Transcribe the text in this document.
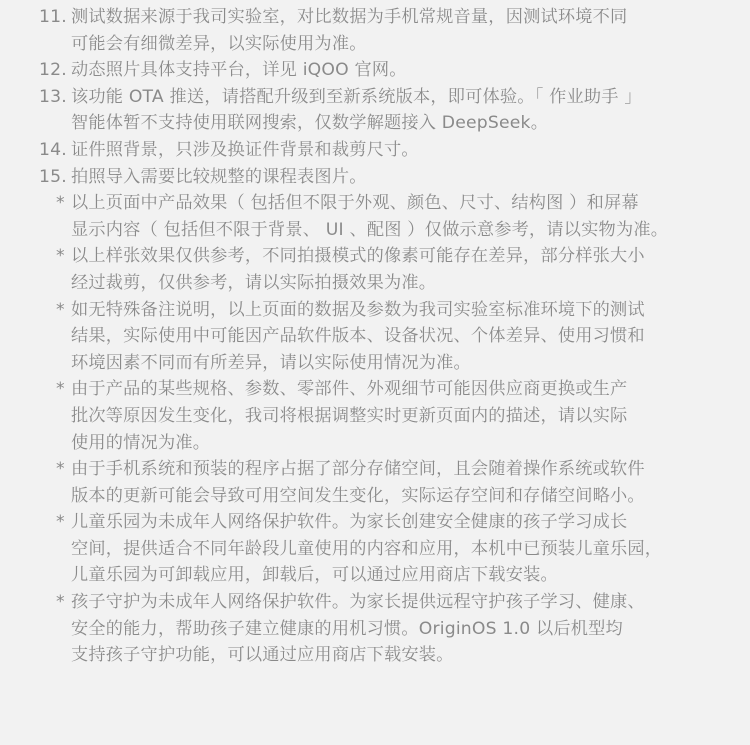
11. 测试数据来源于我司实验室，对比数据为手机常规音量，因测试环境不同
可能会有细微差异，以实际使用为准。
12. 动态照片具体支持平台，详见 iQOO 官网。
13. 该功能 OTA 推送，请搭配升级到至新系统版本，即可体验。「 作业助手 」
智能体暂不支持使用联网搜索，仅数学解题接入 DeepSeek。
14. 证件照背景，只涉及换证件背景和裁剪尺寸。
15. 拍照导入需要比较规整的课程表图片。
* 以上页面中产品效果（ 包括但不限于外观、颜色、尺寸、结构图 ）和屏幕
显示内容（ 包括但不限于背景、 UI 、配图 ）仅做示意参考，请以实物为准。
* 以上样张效果仅供参考，不同拍摄模式的像素可能存在差异，部分样张大小
经过裁剪，仅供参考，请以实际拍摄效果为准。
* 如无特殊备注说明，以上页面的数据及参数为我司实验室标准环境下的测试
结果，实际使用中可能因产品软件版本、设备状况、个体差异、使用习惯和
环境因素不同而有所差异，请以实际使用情况为准。
* 由于产品的某些规格、参数、零部件、外观细节可能因供应商更换或生产
批次等原因发生变化，我司将根据调整实时更新页面内的描述，请以实际
使用的情况为准。
* 由于手机系统和预装的程序占据了部分存储空间，且会随着操作系统或软件
版本的更新可能会导致可用空间发生变化，实际运存空间和存储空间略小。
* 儿童乐园为未成年人网络保护软件。为家长创建安全健康的孩子学习成长
空间，提供适合不同年龄段儿童使用的内容和应用，本机中已预装儿童乐园，
儿童乐园为可卸载应用，卸载后，可以通过应用商店下载安装。
* 孩子守护为未成年人网络保护软件。为家长提供远程守护孩子学习、健康、
安全的能力，帮助孩子建立健康的用机习惯。OriginOS 1.0 以后机型均
支持孩子守护功能，可以通过应用商店下载安装。
